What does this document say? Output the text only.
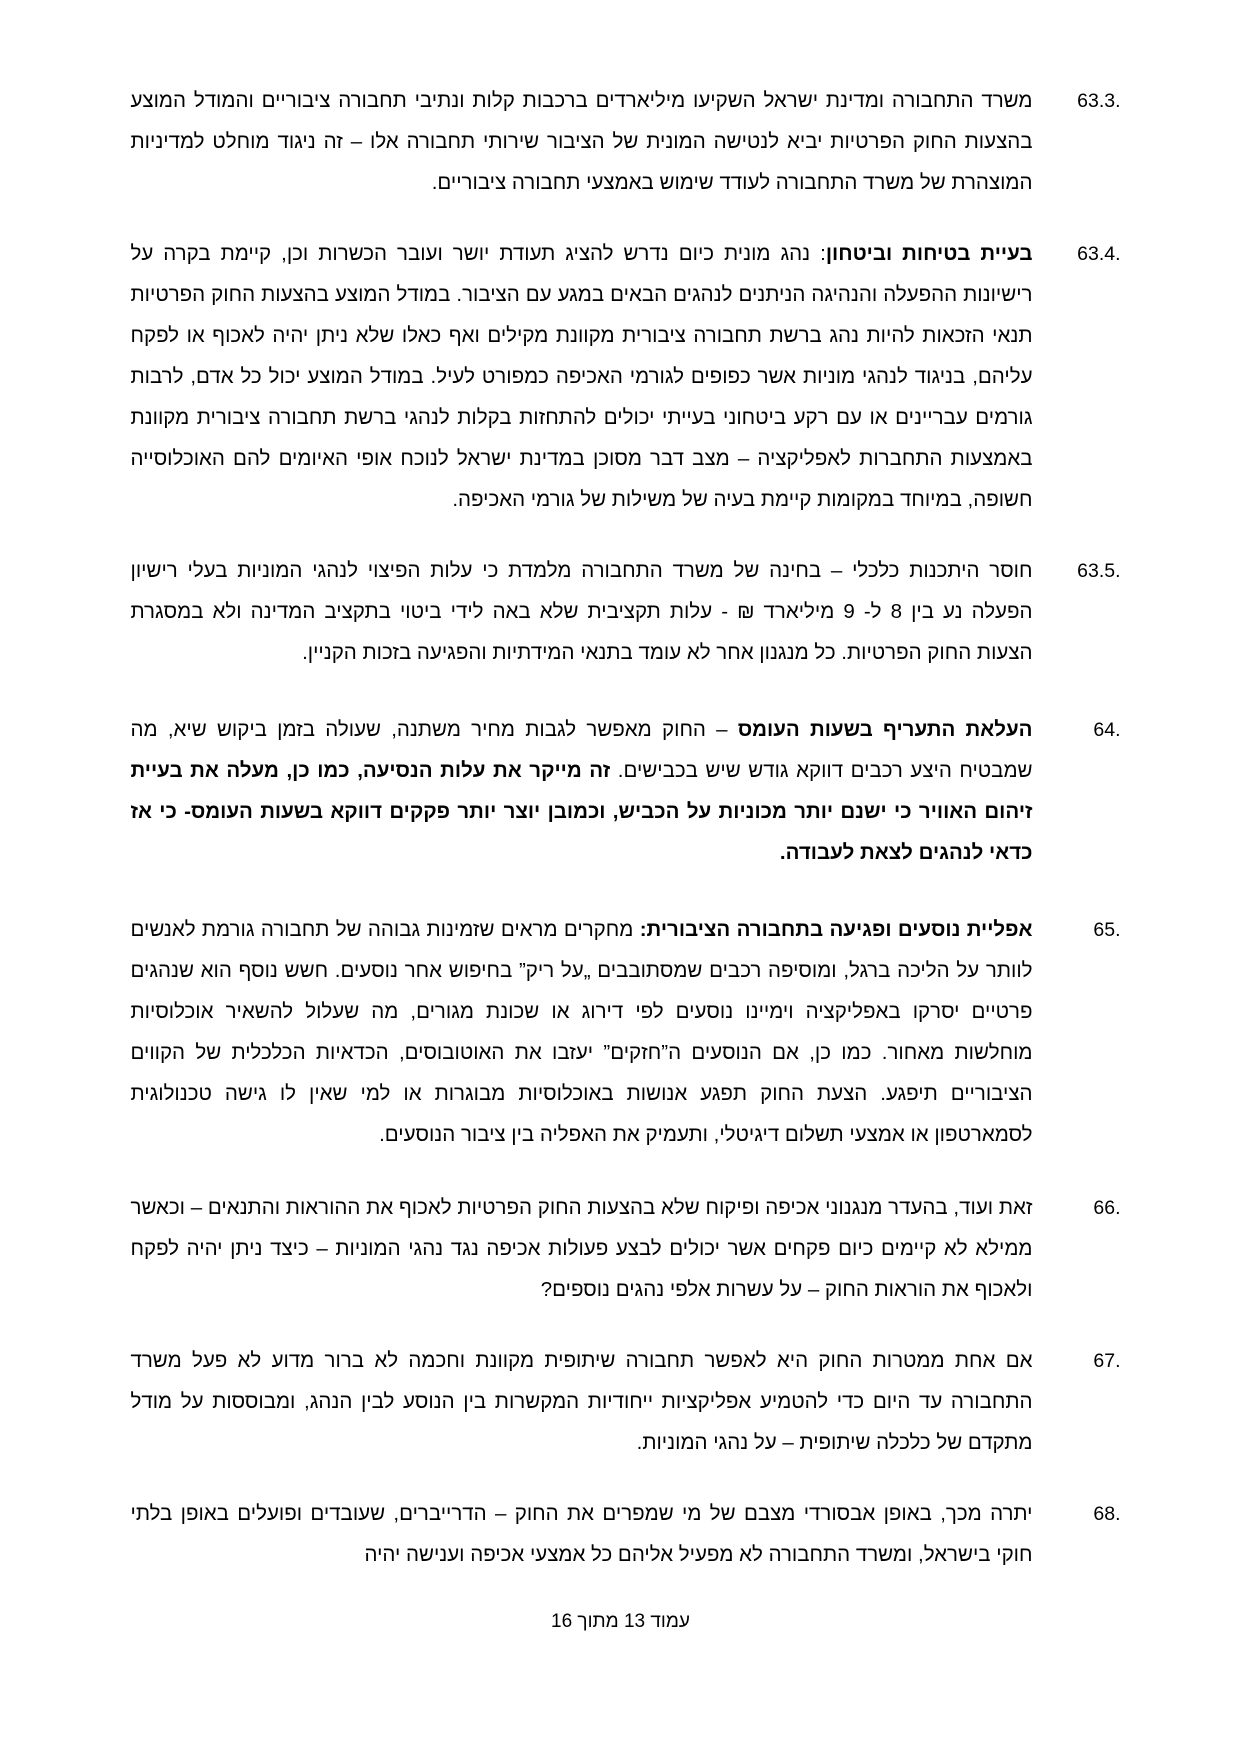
63.3.
משרד התחבורה ומדינת ישראל השקיעו מיליארדים ברכבות קלות ונתיבי תחבורה ציבוריים והמודל המוצע בהצעות החוק הפרטיות יביא לנטישה המונית של הציבור שירותי תחבורה אלו – זה ניגוד מוחלט למדיניות המוצהרת של משרד התחבורה לעודד שימוש באמצעי תחבורה ציבוריים.
63.4.
בעיית בטיחות וביטחון: נהג מונית כיום נדרש להציג תעודת יושר ועובר הכשרות וכן, קיימת בקרה על רישיונות ההפעלה והנהיגה הניתנים לנהגים הבאים במגע עם הציבור. במודל המוצע בהצעות החוק הפרטיות תנאי הזכאות להיות נהג ברשת תחבורה ציבורית מקוונת מקילים ואף כאלו שלא ניתן יהיה לאכוף או לפקח עליהם, בניגוד לנהגי מוניות אשר כפופים לגורמי האכיפה כמפורט לעיל. במודל המוצע יכול כל אדם, לרבות גורמים עבריינים או עם רקע ביטחוני בעייתי יכולים להתחזות בקלות לנהגי ברשת תחבורה ציבורית מקוונת באמצעות התחברות לאפליקציה – מצב דבר מסוכן במדינת ישראל לנוכח אופי האיומים להם האוכלוסייה חשופה, במיוחד במקומות קיימת בעיה של משילות של גורמי האכיפה.
63.5.
חוסר היתכנות כלכלי – בחינה של משרד התחבורה מלמדת כי עלות הפיצוי לנהגי המוניות בעלי רישיון הפעלה נע בין 8 ל- 9 מיליארד ₪ - עלות תקציבית שלא באה לידי ביטוי בתקציב המדינה ולא במסגרת הצעות החוק הפרטיות. כל מנגנון אחר לא עומד בתנאי המידתיות והפגיעה בזכות הקניין.
64.
העלאת התעריף בשעות העומס – החוק מאפשר לגבות מחיר משתנה, שעולה בזמן ביקוש שיא, מה שמבטיח היצע רכבים דווקא גודש שיש בכבישים. זה מייקר את עלות הנסיעה, כמו כן, מעלה את בעיית זיהום האוויר כי ישנם יותר מכוניות על הכביש, וכמובן יוצר יותר פקקים דווקא בשעות העומס- כי אז כדאי לנהגים לצאת לעבודה.
65.
אפליית נוסעים ופגיעה בתחבורה הציבורית: מחקרים מראים שזמינות גבוהה של תחבורה גורמת לאנשים לוותר על הליכה ברגל, ומוסיפה רכבים שמסתובבים „על ריק” בחיפוש אחר נוסעים. חשש נוסף הוא שנהגים פרטיים יסרקו באפליקציה וימיינו נוסעים לפי דירוג או שכונת מגורים, מה שעלול להשאיר אוכלוסיות מוחלשות מאחור. כמו כן, אם הנוסעים ה”חזקים” יעזבו את האוטובוסים, הכדאיות הכלכלית של הקווים הציבוריים תיפגע. הצעת החוק תפגע אנושות באוכלוסיות מבוגרות או למי שאין לו גישה טכנולוגית לסמארטפון או אמצעי תשלום דיגיטלי, ותעמיק את האפליה בין ציבור הנוסעים.
66.
זאת ועוד, בהעדר מנגנוני אכיפה ופיקוח שלא בהצעות החוק הפרטיות לאכוף את ההוראות והתנאים – וכאשר ממילא לא קיימים כיום פקחים אשר יכולים לבצע פעולות אכיפה נגד נהגי המוניות – כיצד ניתן יהיה לפקח ולאכוף את הוראות החוק – על עשרות אלפי נהגים נוספים?
67.
אם אחת ממטרות החוק היא לאפשר תחבורה שיתופית מקוונת וחכמה לא ברור מדוע לא פעל משרד התחבורה עד היום כדי להטמיע אפליקציות ייחודיות המקשרות בין הנוסע לבין הנהג, ומבוססות על מודל מתקדם של כלכלה שיתופית – על נהגי המוניות.
68.
יתרה מכך, באופן אבסורדי מצבם של מי שמפרים את החוק – הדרייברים, שעובדים ופועלים באופן בלתי חוקי בישראל, ומשרד התחבורה לא מפעיל אליהם כל אמצעי אכיפה וענישה יהיה
עמוד 13 מתוך 16
